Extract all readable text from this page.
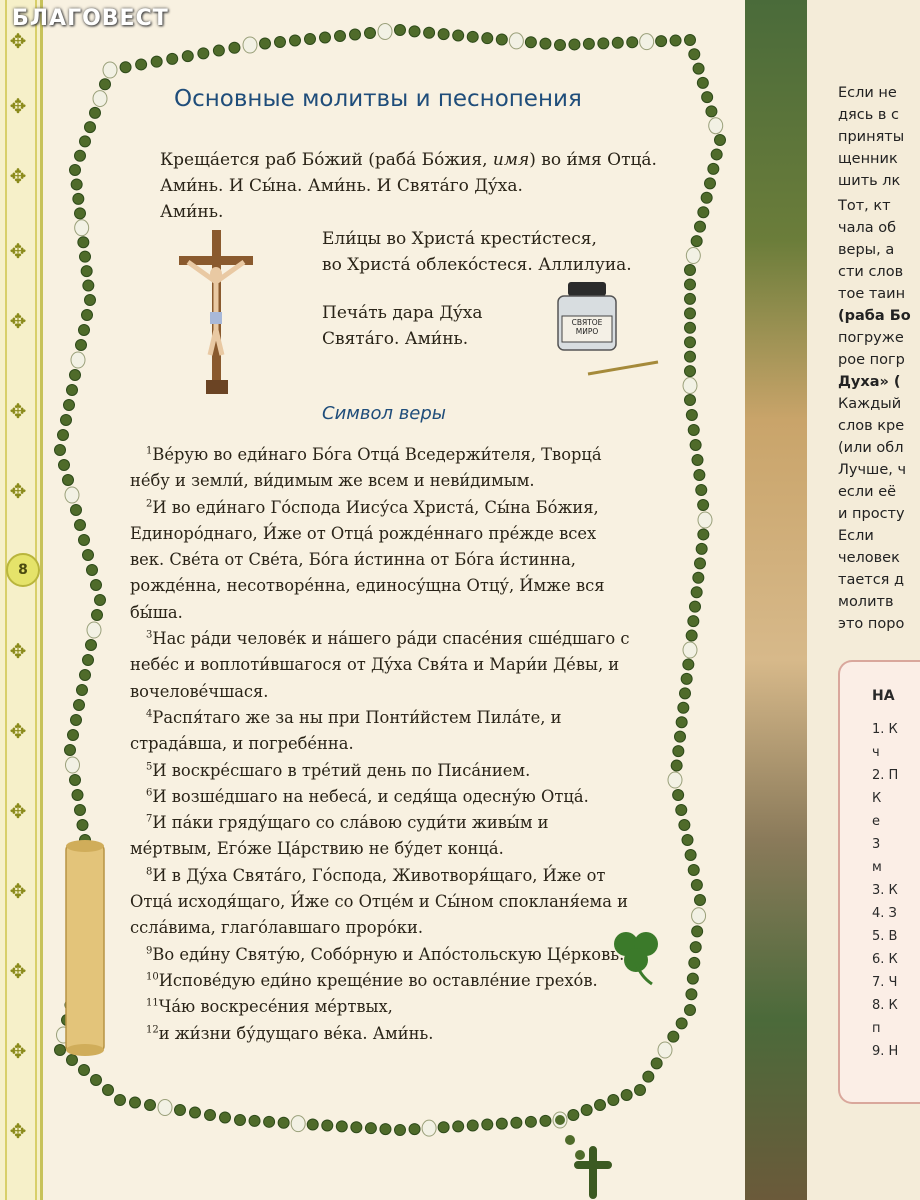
✥
✥
✥
✥
✥
✥
✥
✥
✥
✥
✥
✥
✥
✥
8
БЛАГОВЕСТ
СВЯТОЕ МИРО
Основные молитвы и песнопения
Крещáется раб Бóжий (рабá Бóжия, имя) во и́мя Отцá.
Ами́нь. И Сы́на. Ами́нь. И Святáго Дýха.
Ами́нь.
Ели́цы во Христá крести́стеся,
во Христá облекóстеся. Аллилуиа.
Печáть дара Дýха
Святáго. Ами́нь.
Символ веры

$^1$Вéрую во еди́наго Бóга Отцá Вседержи́теля, Творцá нéбу и земли́, ви́димым же всем и неви́димым.

$^2$И во еди́наго Гóспода Иису́са Христá, Сы́на Бóжия, Единорóднаго, И́же от Отцá рождéннаго прéжде всех век. Свéта от Свéта, Бóга и́стинна от Бóга и́стинна, рождéнна, несотворéнна, единосу́щна Отцу́, И́мже вся бы́ша.

$^3$Нас рáди человéк и нáшего рáди спасéния сшéдшаго с небéс и воплоти́вшагося от Дýха Свя́та и Мари́и Дéвы, и вочеловéчшася.

$^4$Распя́таго же за ны при Понти́йстем Пилáте, и страдáвша, и погребéнна.

$^5$И воскрéсшаго в трéтий день по Писáнием.

$^6$И возшéдшаго на небесá, и седя́ща одесну́ю Отцá.

$^7$И пáки гряду́щаго со слáвою суди́ти живы́м и мéртвым, Егóже Цáрствию не бу́дет концá.

$^8$И в Дýха Святáго, Гóспода, Животворя́щаго, И́же от Отцá исходя́щаго, И́же со Отцéм и Сы́ном спокланя́ема и сслáвима, глагóлавшаго прорóки.

$^9$Во еди́ну Святу́ю, Собóрную и Апóстольскую Цéрковь.

$^{10}$Исповéдую еди́но крещéние во оставлéние грехóв.

$^{11}$Чáю воскресéния мéртвых,

$^{12}$и жи́зни бу́дущаго вéка. Ами́нь.

Если не
дясь в с
приняты
щенник
шить лк
Тот, кт
чала об
веры, а
сти слов
тое таин
(раба Бо
погруже
рое погр
Духа» (
Каждый
слов кре
(или обл
Лучше, ч
если её
и просту
Если
человек
тается д
молитв
это поро
НА
1. К
ч
2. П
К
е
3
м
3. К
4. З
5. В
6. К
7. Ч
8. К
п
9. Н
